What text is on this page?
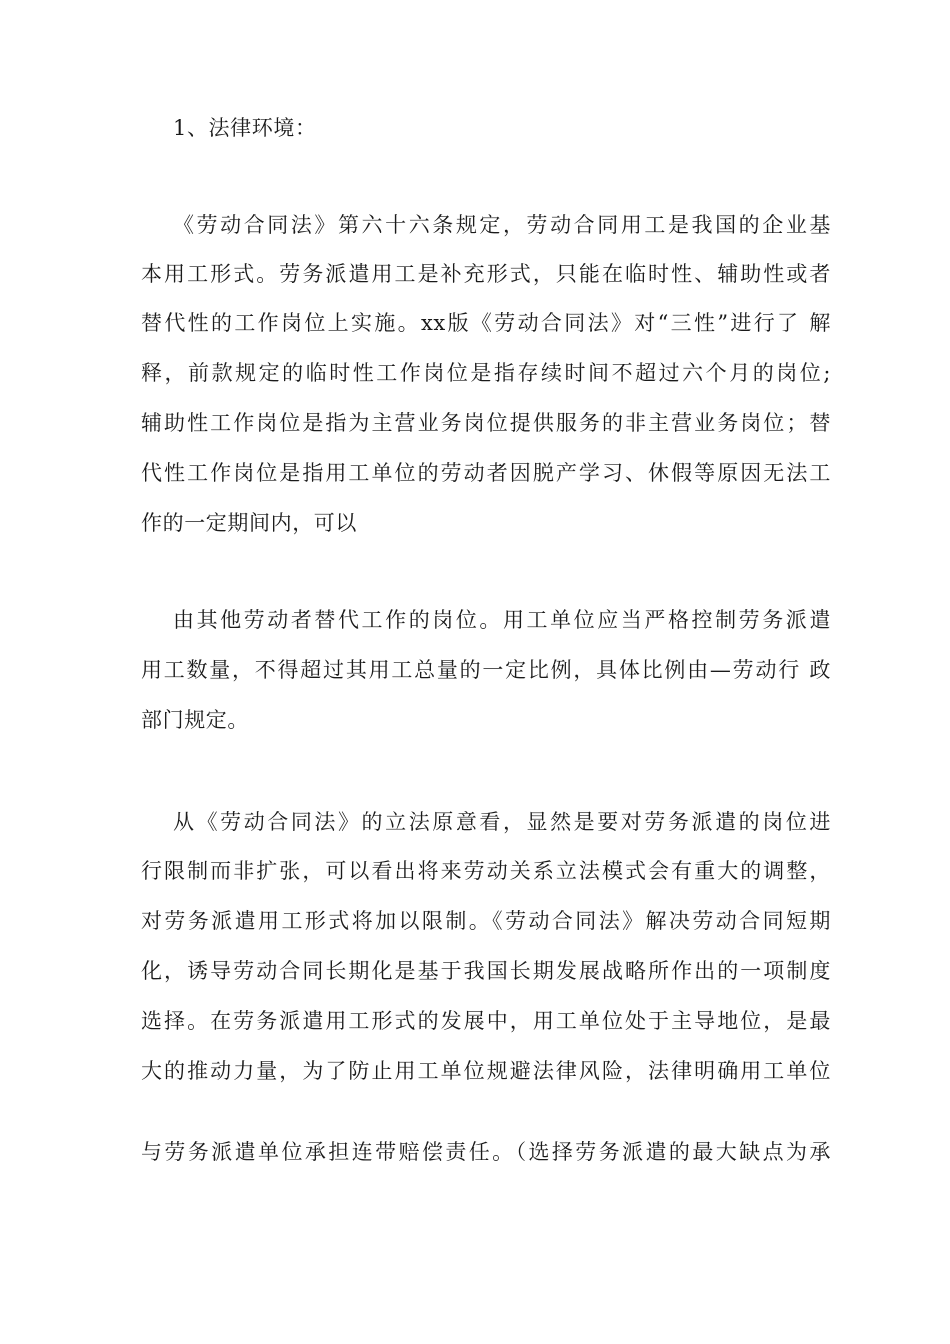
1、法律环境：
《劳动合同法》第六十六条规定，劳动合同用工是我国的企业基
本用工形式。劳务派遣用工是补充形式，只能在临时性、辅助性或者
替代性的工作岗位上实施。xx版《劳动合同法》对“三性”进行了 解
释，前款规定的临时性工作岗位是指存续时间不超过六个月的岗位;
辅助性工作岗位是指为主营业务岗位提供服务的非主营业务岗位；替
代性工作岗位是指用工单位的劳动者因脱产学习、休假等原因无法工
作的一定期间内，可以
由其他劳动者替代工作的岗位。用工单位应当严格控制劳务派遣
用工数量，不得超过其用工总量的一定比例，具体比例由—劳动行 政
部门规定。
从《劳动合同法》的立法原意看，显然是要对劳务派遣的岗位进
行限制而非扩张，可以看出将来劳动关系立法模式会有重大的调整，
对劳务派遣用工形式将加以限制。《劳动合同法》解决劳动合同短期
化，诱导劳动合同长期化是基于我国长期发展战略所作出的一项制度
选择。在劳务派遣用工形式的发展中，用工单位处于主导地位，是最
大的推动力量，为了防止用工单位规避法律风险，法律明确用工单位
与劳务派遣单位承担连带赔偿责任。（选择劳务派遣的最大缺点为承
